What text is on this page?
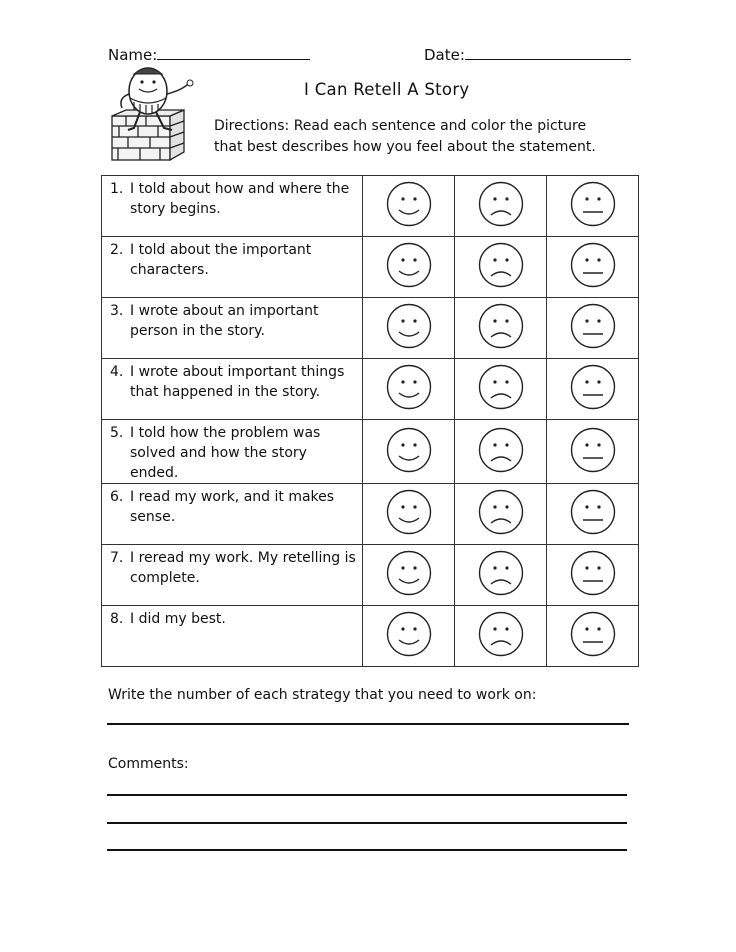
Name:	Date:
I Can Retell A Story
Directions: Read each sentence and color the picture that best describes how you feel about the statement.
1. I told about how and where the story begins.

2. I told about the important characters.

3. I wrote about an important person in the story.

4. I wrote about important things that happened in the story.

5. I told how the problem was solved and how the story ended.

6. I read my work, and it makes sense.

7. I reread my work. My retelling is complete.

8. I did my best.

Write the number of each strategy that you need to work on:
Comments:
